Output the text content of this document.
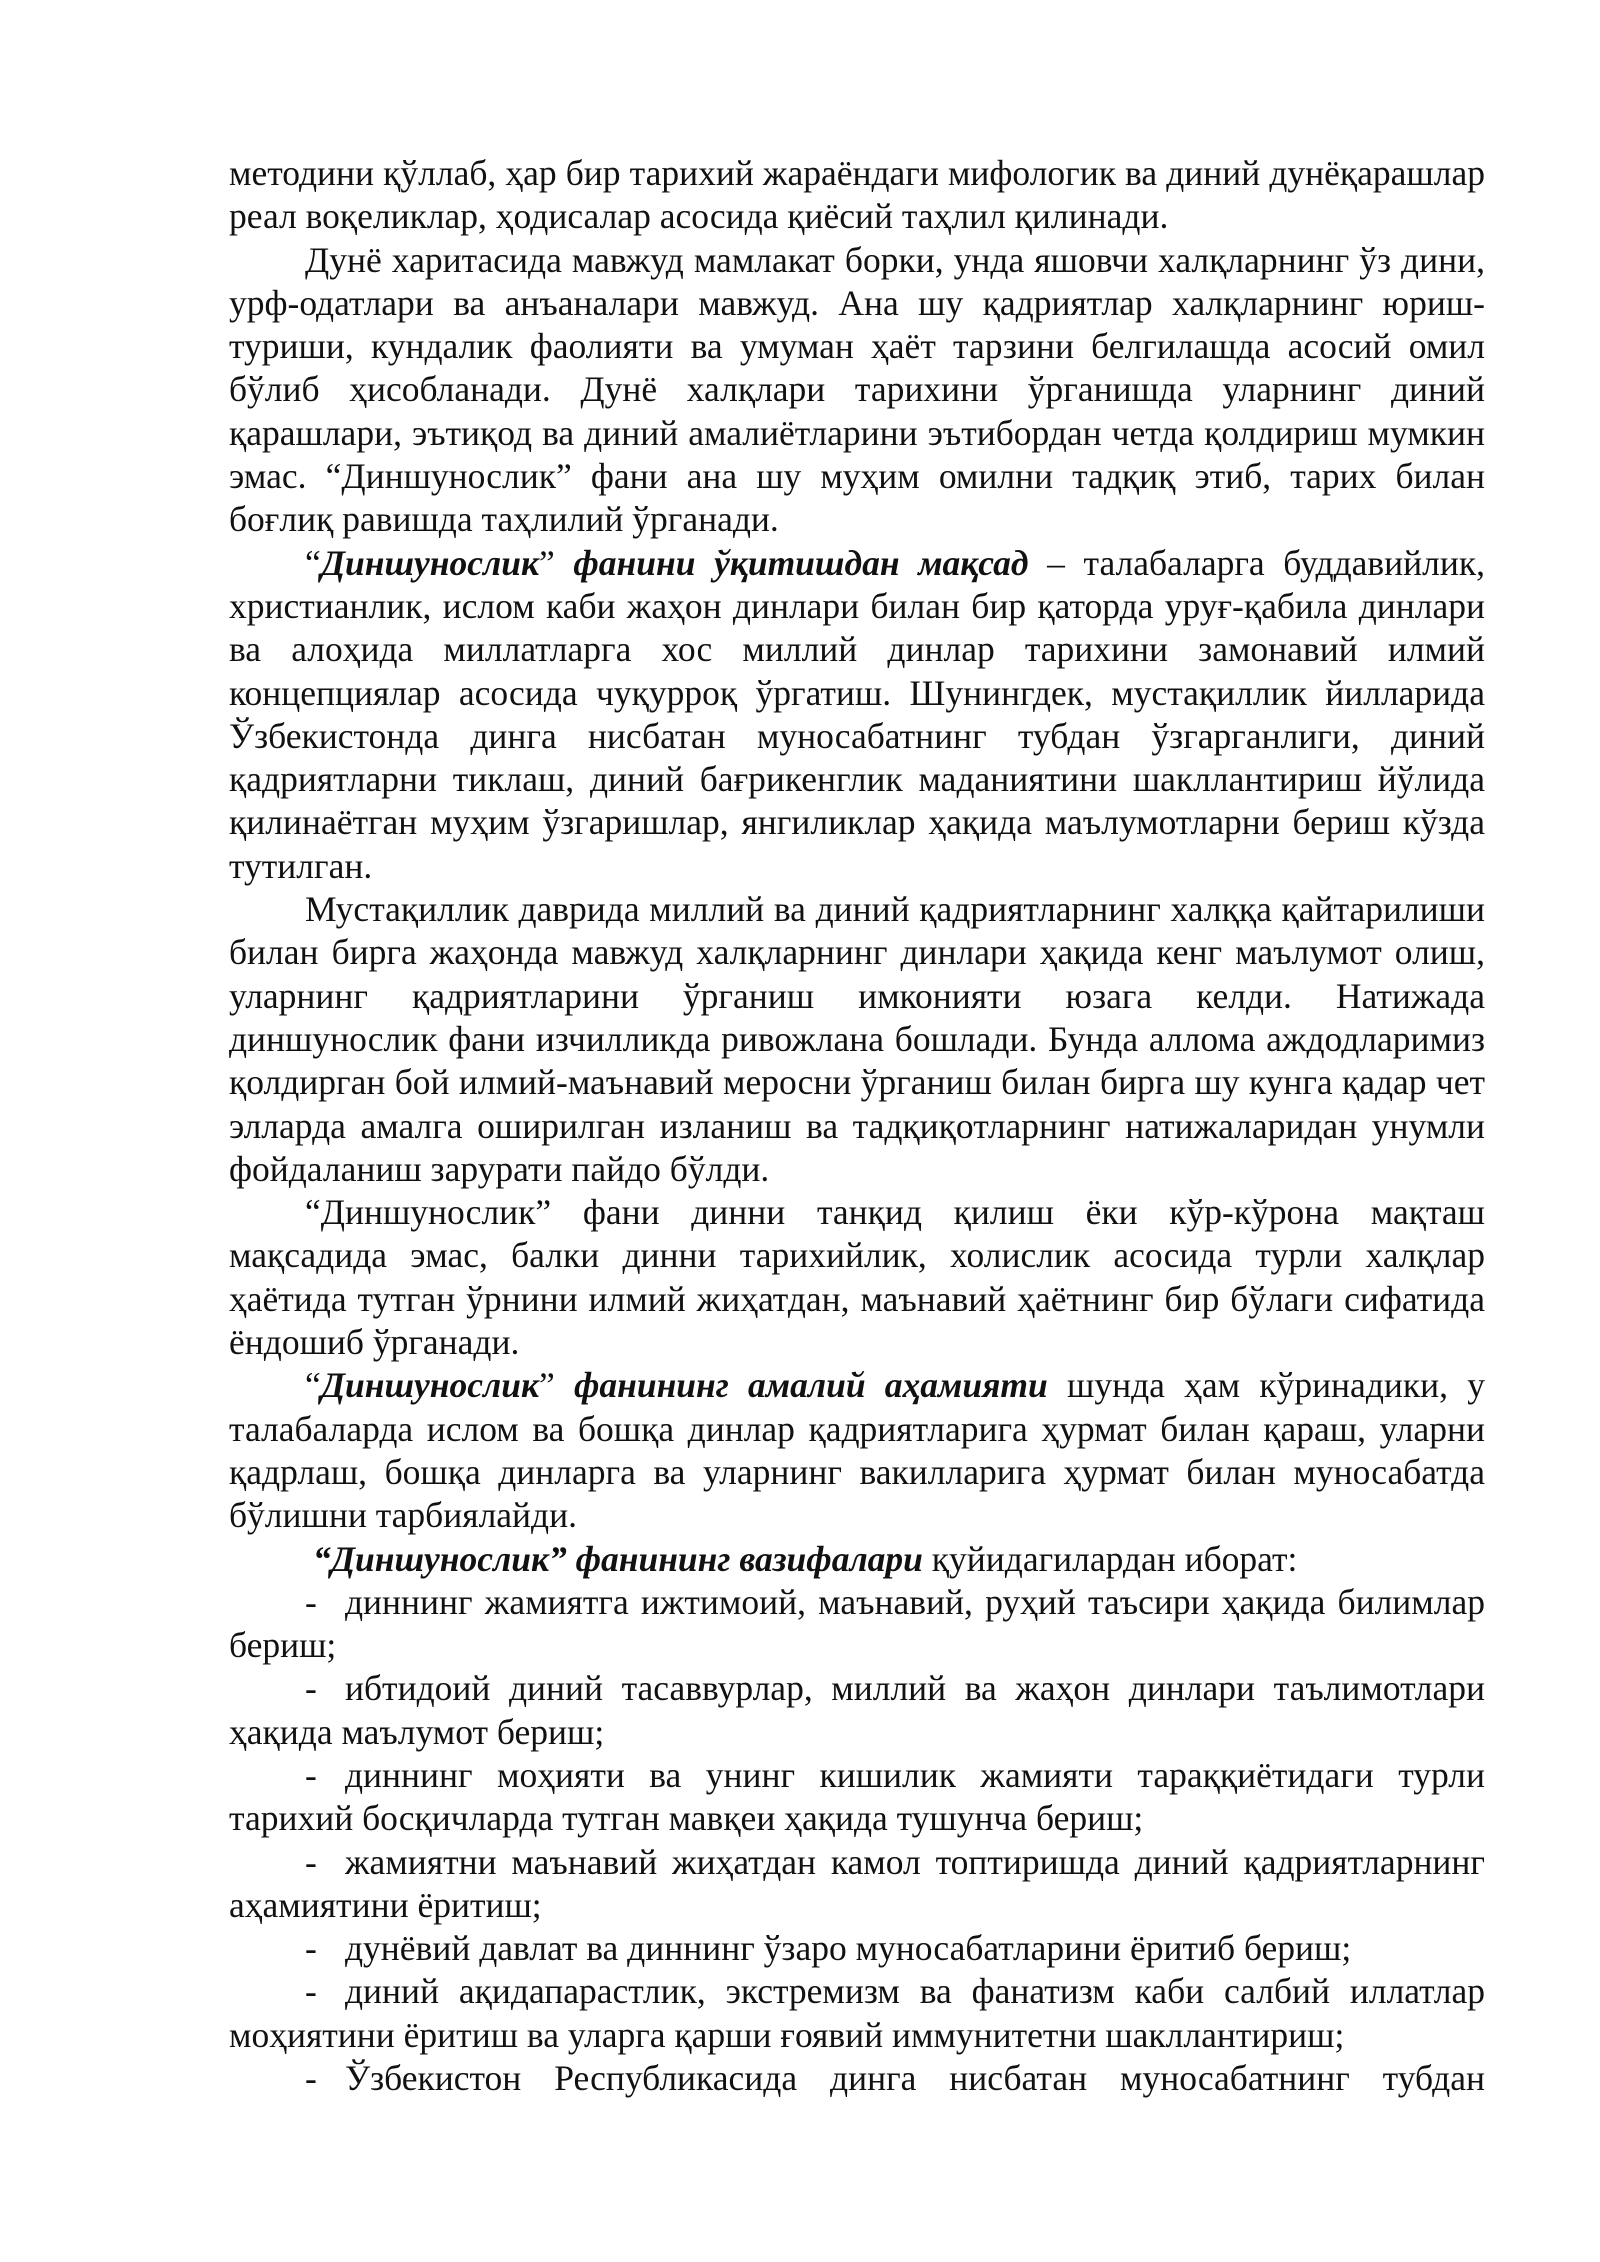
методини қўллаб, ҳар бир тарихий жараёндаги мифологик ва диний дунёқарашлар реал воқеликлар, ҳодисалар асосида қиёсий таҳлил қилинади.

Дунё харитасида мавжуд мамлакат борки, унда яшовчи халқларнинг ўз дини, урф-одатлари ва анъаналари мавжуд. Ана шу қадриятлар халқларнинг юриш-туриши, кундалик фаолияти ва умуман ҳаёт тарзини белгилашда асосий омил бўлиб ҳисобланади. Дунё халқлари тарихини ўрганишда уларнинг диний қарашлари, эътиқод ва диний амалиётларини эътибордан четда қолдириш мумкин эмас. “Диншунослик” фани ана шу муҳим омилни тадқиқ этиб, тарих билан боғлиқ равишда таҳлилий ўрганади.

“Диншунослик” фанини ўқитишдан мақсад – талабаларга буддавийлик, христианлик, ислом каби жаҳон динлари билан бир қаторда уруғ-қабила динлари ва алоҳида миллатларга хос миллий динлар тарихини замонавий илмий концепциялар асосида чуқурроқ ўргатиш. Шунингдек, мустақиллик йилларида Ўзбекистонда динга нисбатан муносабатнинг тубдан ўзгарганлиги, диний қадриятларни тиклаш, диний бағрикенглик маданиятини шакллантириш йўлида қилинаётган муҳим ўзгаришлар, янгиликлар ҳақида маълумотларни бериш кўзда тутилган.

Мустақиллик даврида миллий ва диний қадриятларнинг халққа қайтарилиши билан бирга жаҳонда мавжуд халқларнинг динлари ҳақида кенг маълумот олиш, уларнинг қадриятларини ўрганиш имконияти юзага келди. Натижада диншунослик фани изчилликда ривожлана бошлади. Бунда аллома аждодларимиз қолдирган бой илмий-маънавий меросни ўрганиш билан бирга шу кунга қадар чет элларда амалга оширилган изланиш ва тадқиқотларнинг натижаларидан унумли фойдаланиш зарурати пайдо бўлди.

“Диншунослик” фани динни танқид қилиш ёки кўр-кўрона мақташ мақсадида эмас, балки динни тарихийлик, холислик асосида турли халқлар ҳаётида тутган ўрнини илмий жиҳатдан, маънавий ҳаётнинг бир бўлаги сифатида ёндошиб ўрганади.

“Диншунослик” фанининг амалий аҳамияти шунда ҳам кўринадики, у талабаларда ислом ва бошқа динлар қадриятларига ҳурмат билан қараш, уларни қадрлаш, бошқа динларга ва уларнинг вакилларига ҳурмат билан муносабатда бўлишни тарбиялайди.

“Диншунослик” фанининг вазифалари қуйидагилардан иборат:

- диннинг жамиятга ижтимоий, маънавий, руҳий таъсири ҳақида билимлар бериш;

- ибтидоий диний тасаввурлар, миллий ва жаҳон динлари таълимотлари ҳақида маълумот бериш;

- диннинг моҳияти ва унинг кишилик жамияти тараққиётидаги турли тарихий босқичларда тутган мавқеи ҳақида тушунча бериш;

- жамиятни маънавий жиҳатдан камол топтиришда диний қадриятларнинг аҳамиятини ёритиш;

- дунёвий давлат ва диннинг ўзаро муносабатларини ёритиб бериш;

- диний ақидапарастлик, экстремизм ва фанатизм каби салбий иллатлар моҳиятини ёритиш ва уларга қарши ғоявий иммунитетни шакллантириш;

- Ўзбекистон Республикасида динга нисбатан муносабатнинг тубдан
